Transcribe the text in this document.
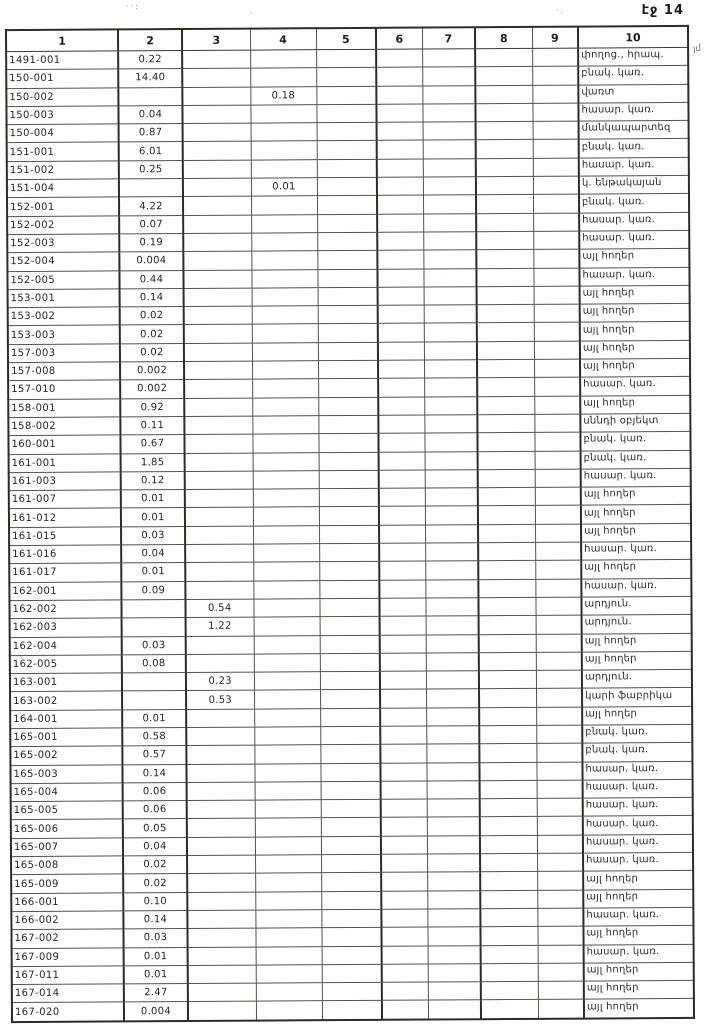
էջ 14
··:
·	·.
յմ
1	2	3	4	5	6	7	8	9	10
1491-001	0.22								փողոց., հրապ.
150-001	14.40								բնակ. կառ.
150-002			0.18						վառտ
150-003	0.04								հասար. կառ.
150-004	0.87								մանկապարտեզ
151-001	6.01								բնակ. կառ.
151-002	0.25								հասար. կառ.
151-004			0.01						կ. ենթակայան
152-001	4.22								բնակ. կառ.
152-002	0.07								հասար. կառ.
152-003	0.19								հասար. կառ.
152-004	0.004								այլ հողեր
152-005	0.44								հասար. կառ.
153-001	0.14								այլ հողեր
153-002	0.02								այլ հողեր
153-003	0.02								այլ հողեր
157-003	0.02								այլ հողեր
157-008	0.002								այլ հողեր
157-010	0.002								հասար. կառ.
158-001	0.92								այլ հողեր
158-002	0.11								սննդի օբյեկտ
160-001	0.67								բնակ. կառ.
161-001	1.85								բնակ. կառ.
161-003	0.12								հասար. կառ.
161-007	0.01								այլ հողեր
161-012	0.01								այլ հողեր
161-015	0.03								այլ հողեր
161-016	0.04								հասար. կառ.
161-017	0.01								այլ հողեր
162-001	0.09								հասար. կառ.
162-002		0.54							արդյուն.
162-003		1.22							արդյուն.
162-004	0.03								այլ հողեր
162-005	0.08								այլ հողեր
163-001		0.23							արդյուն.
163-002		0.53							կարի ֆաբրիկա
164-001	0.01								այլ հողեր
165-001	0.58								բնակ. կառ.
165-002	0.57								բնակ. կառ.
165-003	0.14								հասար. կառ.
165-004	0.06								հասար. կառ.
165-005	0.06								հասար. կառ.
165-006	0.05								հասար. կառ.
165-007	0.04								հասար. կառ.
165-008	0.02								հասար. կառ.
165-009	0.02								այլ հողեր
166-001	0.10								այլ հողեր
166-002	0.14								հասար. կառ.
167-002	0.03								այլ հողեր
167-009	0.01								հասար. կառ.
167-011	0.01								այլ հողեր
167-014	2.47								այլ հողեր
167-020	0.004								այլ հողեր
